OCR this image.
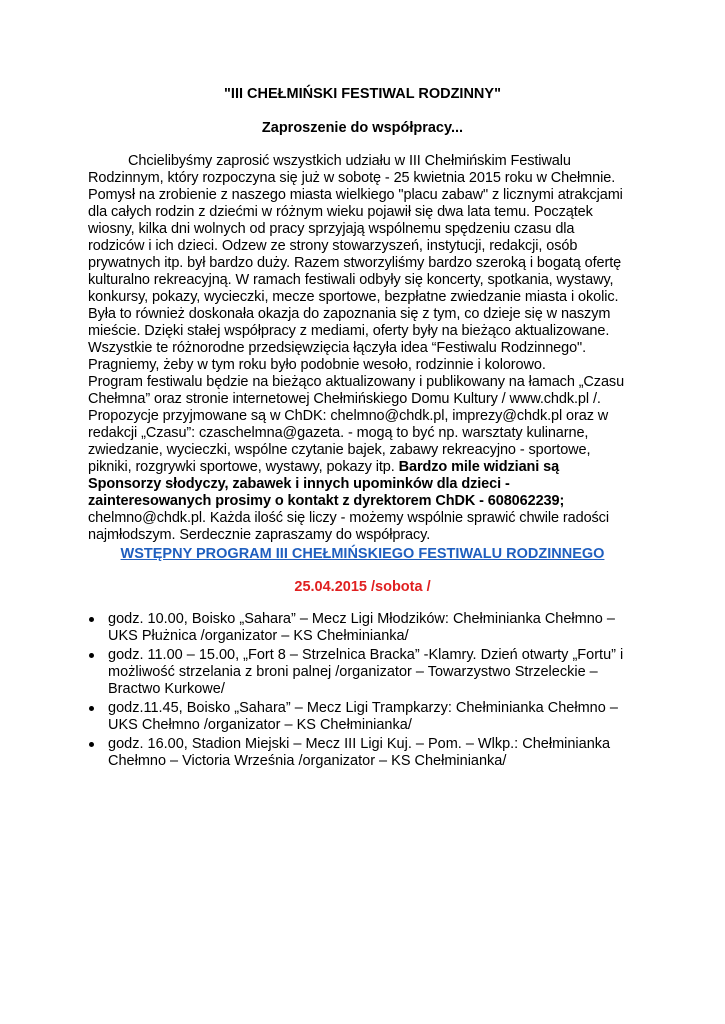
"III CHEŁMIŃSKI FESTIWAL RODZINNY"
Zaproszenie do współpracy...

Chcielibyśmy zaprosić wszystkich udziału w III Chełmińskim Festiwalu

Rodzinnym, który rozpoczyna się już w sobotę - 25 kwietnia 2015 roku w Chełmnie.

Pomysł na zrobienie z naszego miasta wielkiego "placu zabaw" z licznymi atrakcjami

dla całych rodzin z dziećmi w różnym wieku pojawił się dwa lata temu. Początek

wiosny, kilka dni wolnych od pracy sprzyjają wspólnemu spędzeniu czasu dla

rodziców i ich dzieci. Odzew ze strony stowarzyszeń, instytucji, redakcji, osób

prywatnych itp. był bardzo duży. Razem stworzyliśmy bardzo szeroką i bogatą ofertę

kulturalno rekreacyjną. W ramach festiwali odbyły się koncerty, spotkania, wystawy,

konkursy, pokazy, wycieczki, mecze sportowe, bezpłatne zwiedzanie miasta i okolic.

Była to również doskonała okazja do zapoznania się z tym, co dzieje się w naszym

mieście. Dzięki stałej współpracy z mediami, oferty były na bieżąco aktualizowane.

Wszystkie te różnorodne przedsięwzięcia łączyła idea “Festiwalu Rodzinnego".

Pragniemy, żeby w tym roku było podobnie wesoło, rodzinnie i kolorowo.

Program festiwalu będzie na bieżąco aktualizowany i publikowany na łamach „Czasu

Chełmna” oraz stronie internetowej Chełmińskiego Domu Kultury / www.chdk.pl /.

Propozycje przyjmowane są w ChDK: chelmno@chdk.pl, imprezy@chdk.pl oraz w

redakcji „Czasu”: czaschelmna@gazeta. - mogą to być np. warsztaty kulinarne,

zwiedzanie, wycieczki, wspólne czytanie bajek, zabawy rekreacyjno - sportowe,

pikniki, rozgrywki sportowe, wystawy, pokazy itp. Bardzo mile widziani są

Sponsorzy słodyczy, zabawek i innych upominków dla dzieci -

zainteresowanych prosimy o kontakt z dyrektorem ChDK - 608062239;

chelmno@chdk.pl. Każda ilość się liczy - możemy wspólnie sprawić chwile radości

najmłodszym. Serdecznie zapraszamy do współpracy.

WSTĘPNY PROGRAM III CHEŁMIŃSKIEGO FESTIWALU RODZINNEGO
25.04.2015 /sobota /
godz. 10.00, Boisko „Sahara” – Mecz Ligi Młodzików: Chełminianka Chełmno – UKS Płużnica /organizator – KS Chełminianka/
godz. 11.00 – 15.00, „Fort 8 – Strzelnica Bracka” -Klamry. Dzień otwarty „Fortu” i możliwość strzelania z broni palnej /organizator – Towarzystwo Strzeleckie – Bractwo Kurkowe/
godz.11.45, Boisko „Sahara” – Mecz Ligi Trampkarzy: Chełminianka Chełmno – UKS Chełmno /organizator – KS Chełminianka/
godz. 16.00, Stadion Miejski – Mecz III Ligi Kuj. – Pom. – Wlkp.: Chełminianka Chełmno – Victoria Września /organizator – KS Chełminianka/
